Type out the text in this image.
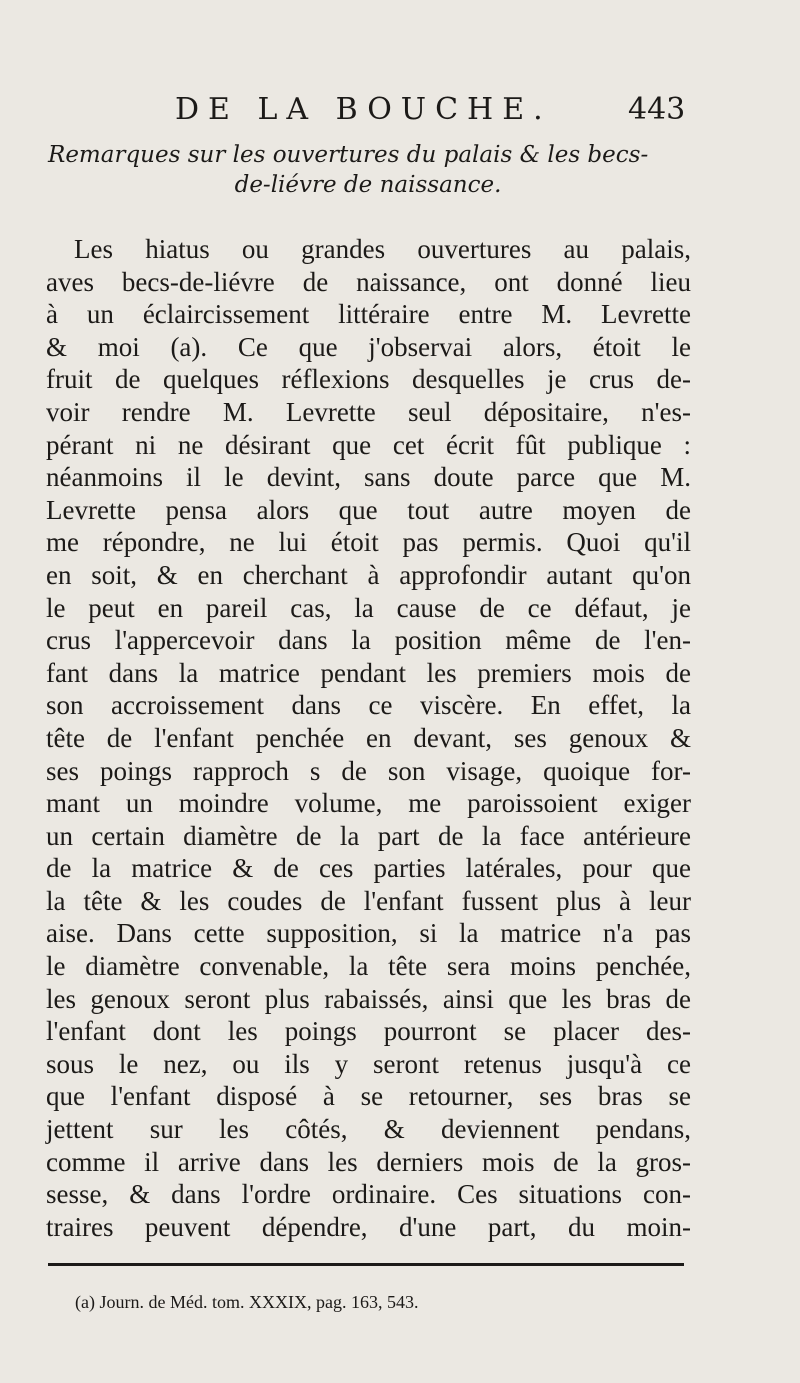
DE LA BOUCHE.	443
Remarques sur les ouvertures du palais & les becs-
de-liévre de naissance.
Les hiatus ou grandes ouvertures au palais,
aves becs-de-liévre de naissance, ont donné lieu
à un éclaircissement littéraire entre M. Levrette
& moi (a). Ce que j'observai alors, étoit le
fruit de quelques réflexions desquelles je crus de-
voir rendre M. Levrette seul dépositaire, n'es-
pérant ni ne désirant que cet écrit fût publique :
néanmoins il le devint, sans doute parce que M.
Levrette pensa alors que tout autre moyen de
me répondre, ne lui étoit pas permis. Quoi qu'il
en soit, & en cherchant à approfondir autant qu'on
le peut en pareil cas, la cause de ce défaut, je
crus l'appercevoir dans la position même de l'en-
fant dans la matrice pendant les premiers mois de
son accroissement dans ce viscère. En effet, la
tête de l'enfant penchée en devant, ses genoux &
ses poings rapproch s de son visage, quoique for-
mant un moindre volume, me paroissoient exiger
un certain diamètre de la part de la face antérieure
de la matrice & de ces parties latérales, pour que
la tête & les coudes de l'enfant fussent plus à leur
aise. Dans cette supposition, si la matrice n'a pas
le diamètre convenable, la tête sera moins penchée,
les genoux seront plus rabaissés, ainsi que les bras de
l'enfant dont les poings pourront se placer des-
sous le nez, ou ils y seront retenus jusqu'à ce
que l'enfant disposé à se retourner, ses bras se
jettent sur les côtés, & deviennent pendans,
comme il arrive dans les derniers mois de la gros-
sesse, & dans l'ordre ordinaire. Ces situations con-
traires peuvent dépendre, d'une part, du moin-
(a) Journ. de Méd. tom. XXXIX, pag. 163, 543.
